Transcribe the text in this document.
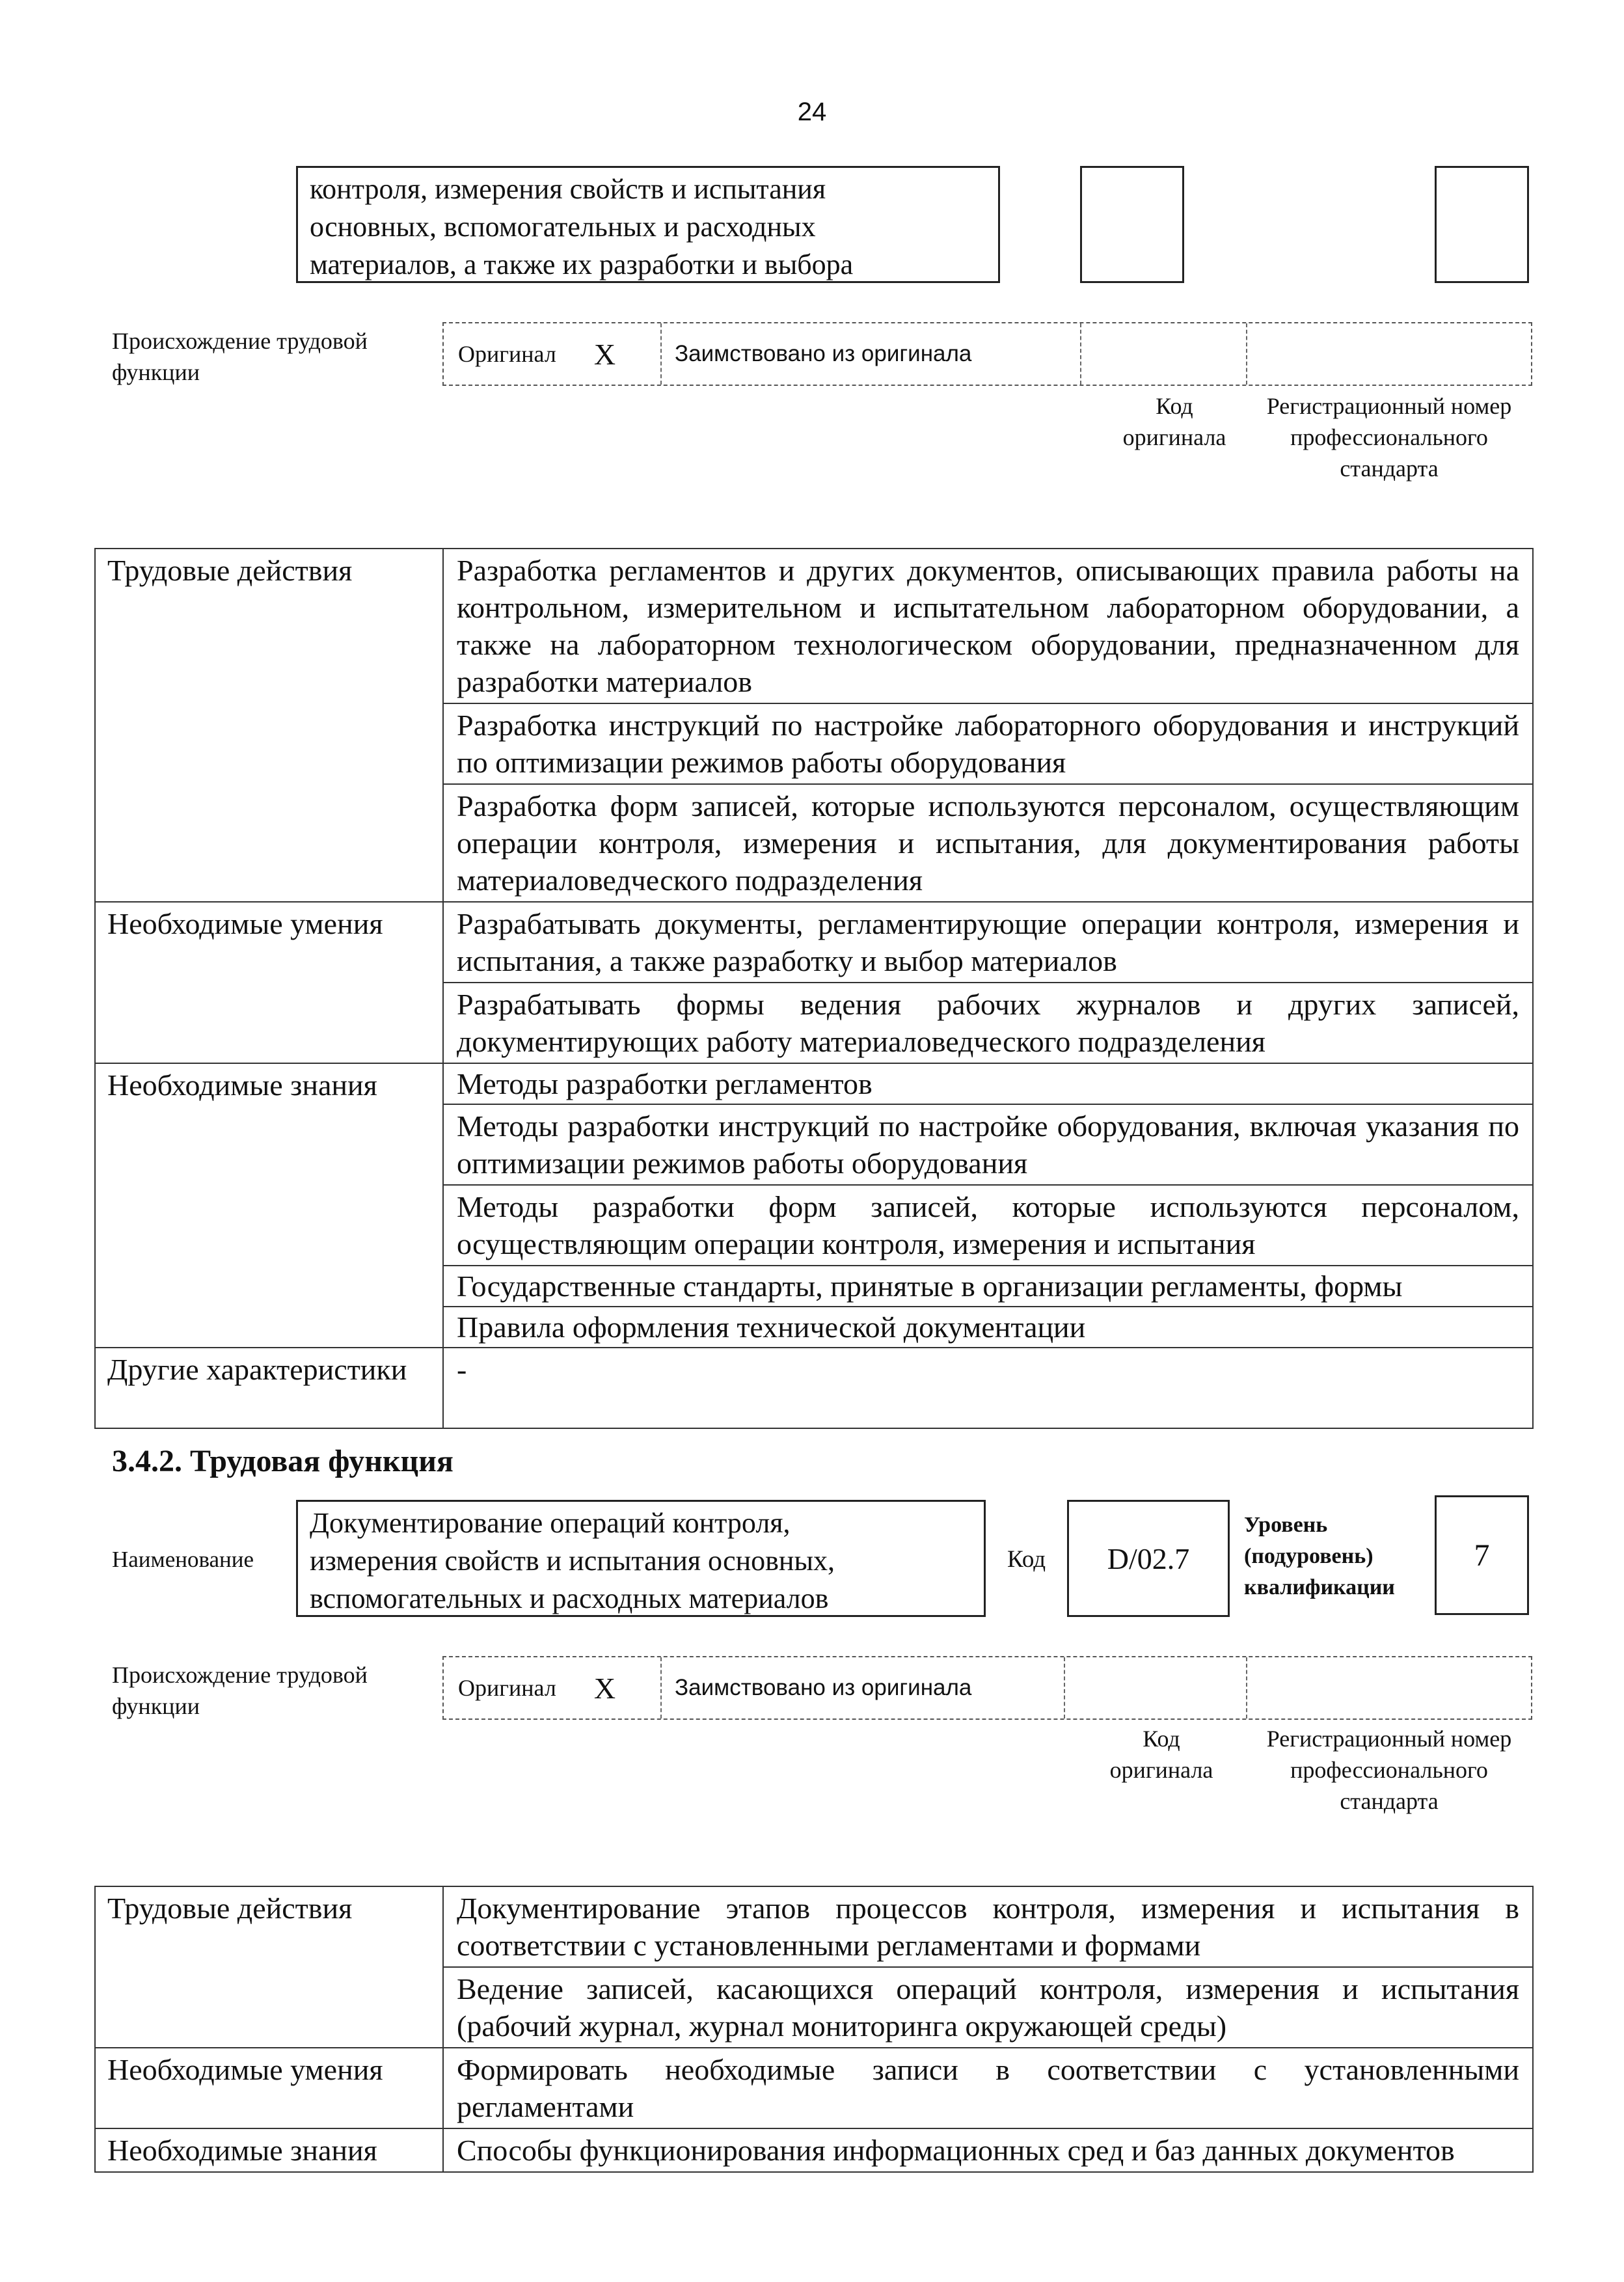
24
контроля, измерения свойств и испытания
основных, вспомогательных и расходных
материалов, а также их разработки и выбора
Происхождение трудовой функции
Оригинал X	Заимствовано из оригинала
Код оригинала
Регистрационный номер профессионального стандарта
Трудовые действия	Разработка регламентов и других документов, описывающих правила работы на контрольном, измерительном и испытательном лабораторном оборудовании, а также на лабораторном технологическом оборудовании, предназначенном для разработки материалов
	Разработка инструкций по настройке лабораторного оборудования и инструкций по оптимизации режимов работы оборудования
	Разработка форм записей, которые используются персоналом, осуществляющим операции контроля, измерения и испытания, для документирования работы материаловедческого подразделения
Необходимые умения	Разрабатывать документы, регламентирующие операции контроля, измерения и испытания, а также разработку и выбор материалов
	Разрабатывать формы ведения рабочих журналов и других записей, документирующих работу материаловедческого подразделения
Необходимые знания	Методы разработки регламентов
	Методы разработки инструкций по настройке оборудования, включая указания по оптимизации режимов работы оборудования
	Методы разработки форм записей, которые используются персоналом, осуществляющим операции контроля, измерения и испытания
	Государственные стандарты, принятые в организации регламенты, формы
	Правила оформления технической документации
Другие характеристики	-
3.4.2. Трудовая функция
Наименование
Документирование операций контроля,
измерения свойств и испытания основных,
вспомогательных и расходных материалов
Код D/02.7
Уровень
(подуровень)
квалификации
7
Происхождение трудовой функции
Оригинал X	Заимствовано из оригинала
Код оригинала
Регистрационный номер профессионального стандарта
Трудовые действия	Документирование этапов процессов контроля, измерения и испытания в соответствии с установленными регламентами и формами
	Ведение записей, касающихся операций контроля, измерения и испытания (рабочий журнал, журнал мониторинга окружающей среды)
Необходимые умения	Формировать необходимые записи в соответствии с установленными регламентами
Необходимые знания	Способы функционирования информационных сред и баз данных документов
